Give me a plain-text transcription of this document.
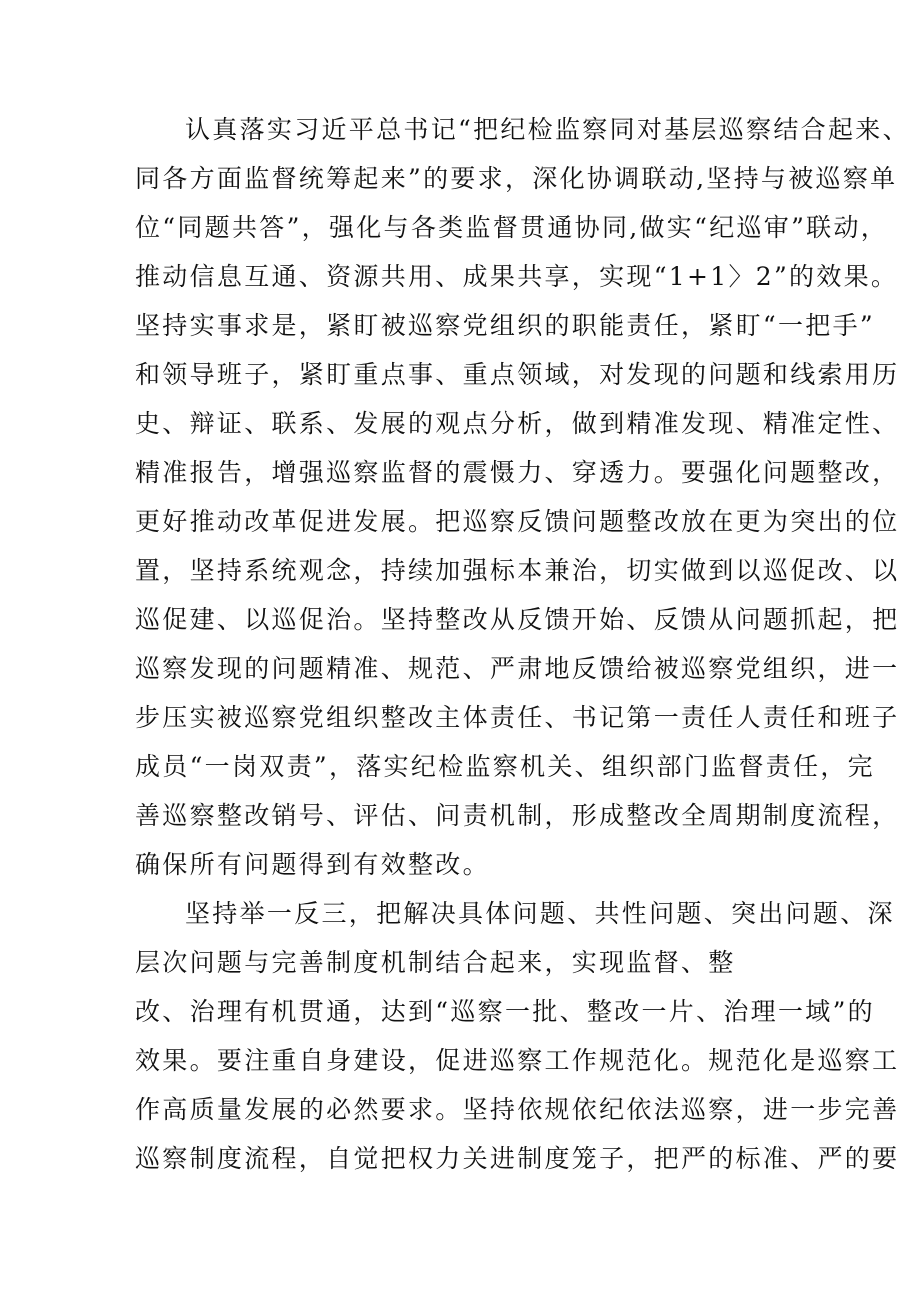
认真落实习近平总书记“把纪检监察同对基层巡察结合起来、
同各方面监督统筹起来”的要求，深化协调联动,坚持与被巡察单
位“同题共答”，强化与各类监督贯通协同,做实“纪巡审”联动，
推动信息互通、资源共用、成果共享，实现“1+1〉2”的效果。
坚持实事求是，紧盯被巡察党组织的职能责任，紧盯“一把手”
和领导班子，紧盯重点事、重点领域，对发现的问题和线索用历
史、辩证、联系、发展的观点分析，做到精准发现、精准定性、
精准报告，增强巡察监督的震慑力、穿透力。要强化问题整改，
更好推动改革促进发展。把巡察反馈问题整改放在更为突出的位
置，坚持系统观念，持续加强标本兼治，切实做到以巡促改、以
巡促建、以巡促治。坚持整改从反馈开始、反馈从问题抓起，把
巡察发现的问题精准、规范、严肃地反馈给被巡察党组织，进一
步压实被巡察党组织整改主体责任、书记第一责任人责任和班子
成员“一岗双责”，落实纪检监察机关、组织部门监督责任，完
善巡察整改销号、评估、问责机制，形成整改全周期制度流程，
确保所有问题得到有效整改。
坚持举一反三，把解决具体问题、共性问题、突出问题、深
层次问题与完善制度机制结合起来，实现监督、整
改、治理有机贯通，达到“巡察一批、整改一片、治理一域”的
效果。要注重自身建设，促进巡察工作规范化。规范化是巡察工
作高质量发展的必然要求。坚持依规依纪依法巡察，进一步完善
巡察制度流程，自觉把权力关进制度笼子，把严的标准、严的要
